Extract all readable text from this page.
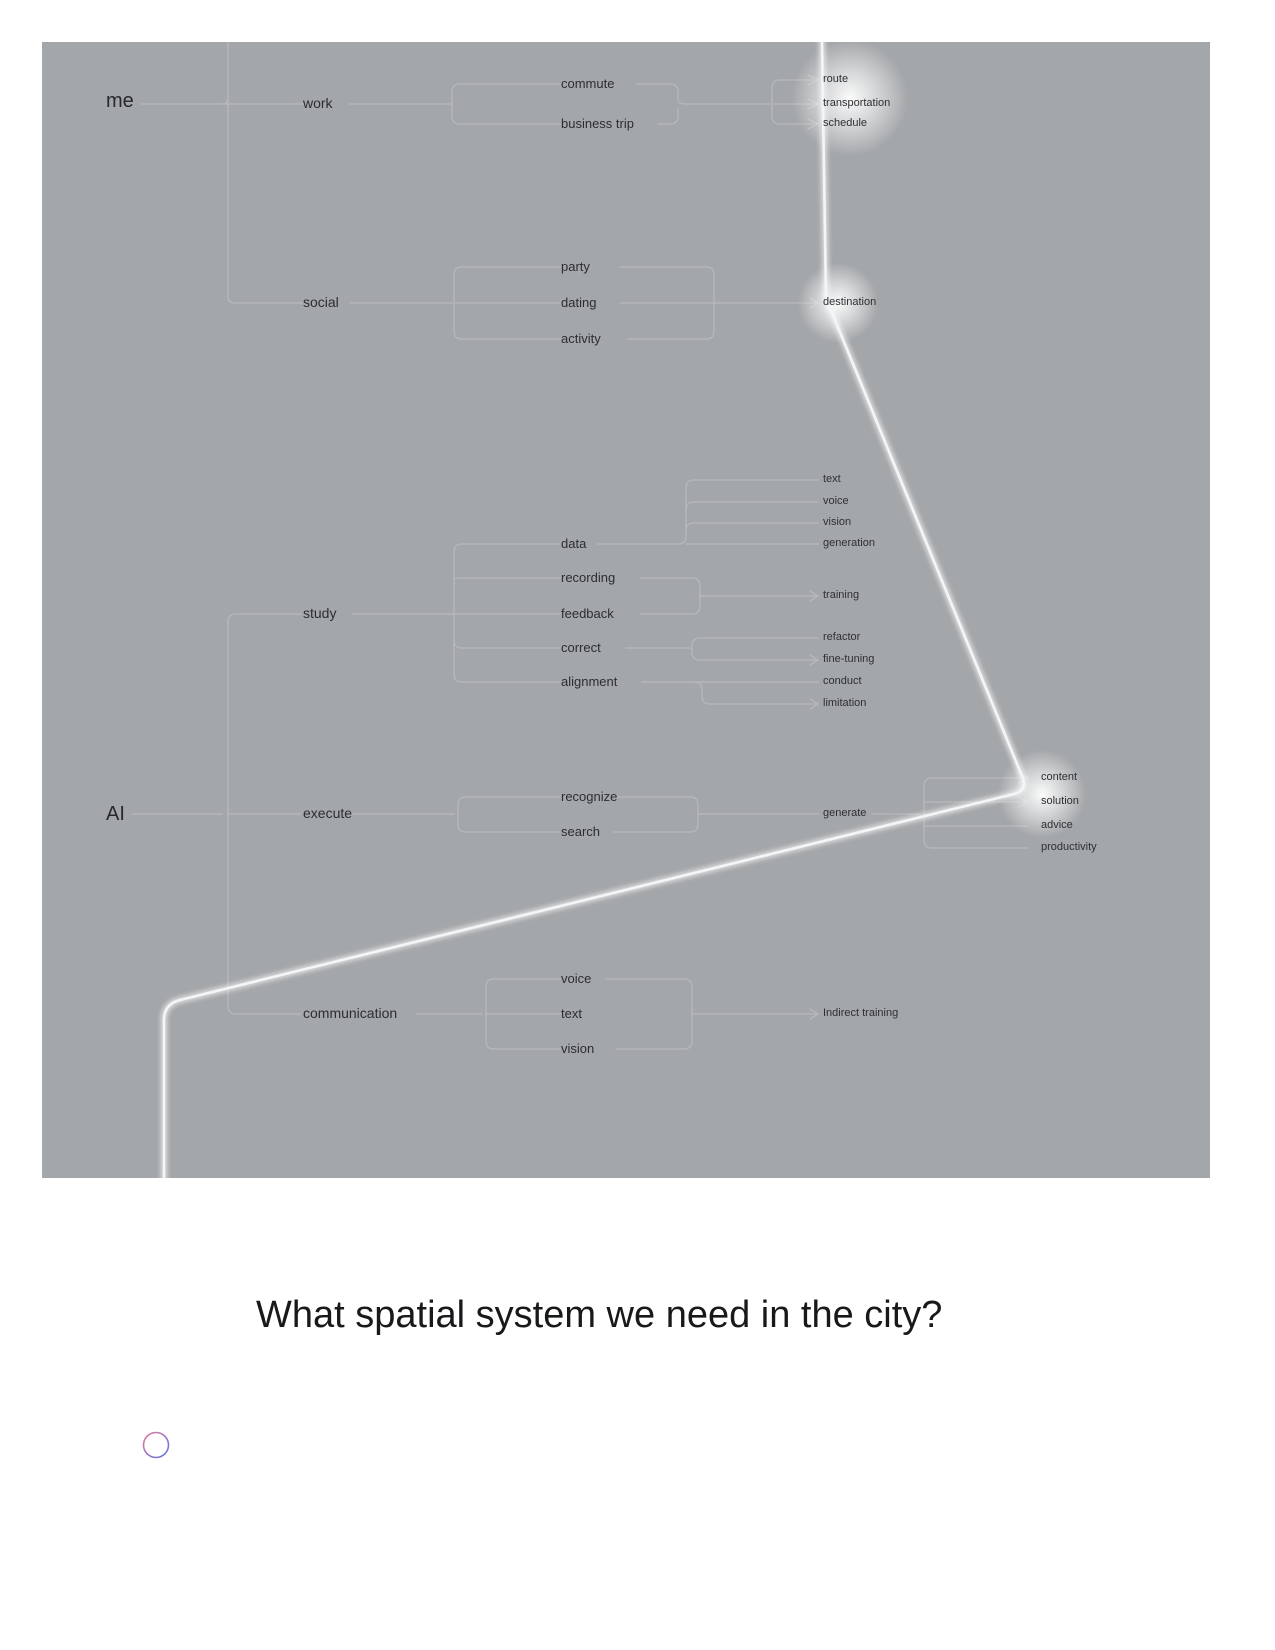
me
AI
work
social
commute
business trip
route
transportation
schedule
party
dating
activity
destination
study
execute
communication
data
recording
feedback
correct
alignment
text
voice
vision
generation
training
refactor
fine-tuning
conduct
limitation
recognize
search
generate
content
solution
advice
productivity
voice
text
vision
Indirect training
What spatial system we need in the city?
